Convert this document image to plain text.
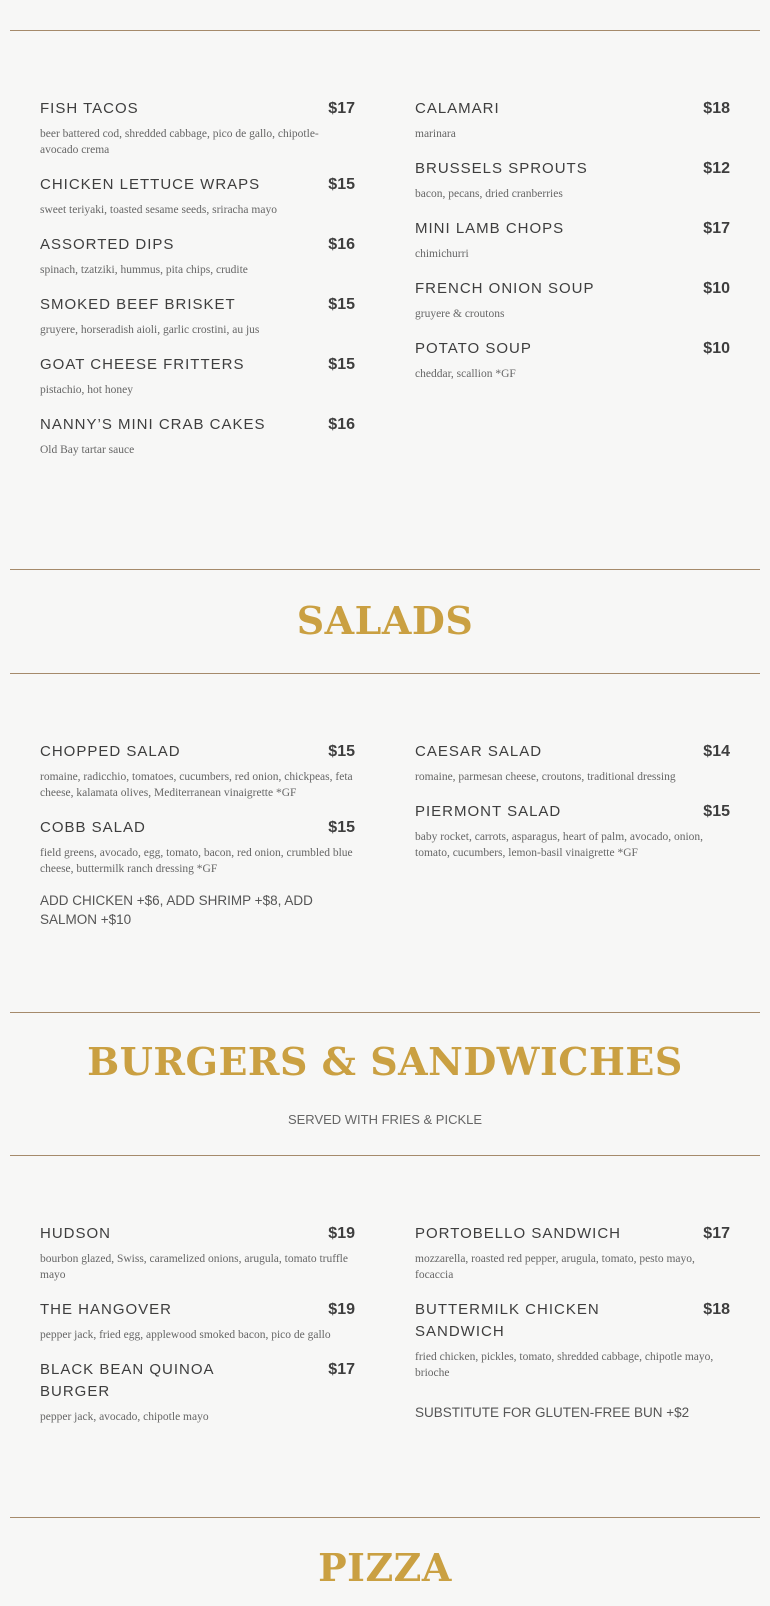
FISH TACOS	$17
beer battered cod, shredded cabbage, pico de gallo, chipotle-avocado crema
CHICKEN LETTUCE WRAPS	$15
sweet teriyaki, toasted sesame seeds, sriracha mayo
ASSORTED DIPS	$16
spinach, tzatziki, hummus, pita chips, crudite
SMOKED BEEF BRISKET	$15
gruyere, horseradish aioli, garlic crostini, au jus
GOAT CHEESE FRITTERS	$15
pistachio, hot honey
NANNY’S MINI CRAB CAKES	$16
Old Bay tartar sauce
CALAMARI	$18
marinara
BRUSSELS SPROUTS	$12
bacon, pecans, dried cranberries
MINI LAMB CHOPS	$17
chimichurri
FRENCH ONION SOUP	$10
gruyere & croutons
POTATO SOUP	$10
cheddar, scallion *GF
SALADS
CHOPPED SALAD	$15
romaine, radicchio, tomatoes, cucumbers, red onion, chickpeas, feta cheese, kalamata olives, Mediterranean vinaigrette *GF
COBB SALAD	$15
field greens, avocado, egg, tomato, bacon, red onion, crumbled blue cheese, buttermilk ranch dressing *GF
ADD CHICKEN +$6, ADD SHRIMP +$8, ADD SALMON +$10
CAESAR SALAD	$14
romaine, parmesan cheese, croutons, traditional dressing
PIERMONT SALAD	$15
baby rocket, carrots, asparagus, heart of palm, avocado, onion, tomato, cucumbers, lemon-basil vinaigrette *GF
BURGERS & SANDWICHES
SERVED WITH FRIES & PICKLE
HUDSON	$19
bourbon glazed, Swiss, caramelized onions, arugula, tomato truffle mayo
THE HANGOVER	$19
pepper jack, fried egg, applewood smoked bacon, pico de gallo
BLACK BEAN QUINOA BURGER
$17
pepper jack, avocado, chipotle mayo
PORTOBELLO SANDWICH	$17
mozzarella, roasted red pepper, arugula, tomato, pesto mayo, focaccia
BUTTERMILK CHICKEN SANDWICH
$18
fried chicken, pickles, tomato, shredded cabbage, chipotle mayo, brioche
SUBSTITUTE FOR GLUTEN-FREE BUN +$2
PIZZA
